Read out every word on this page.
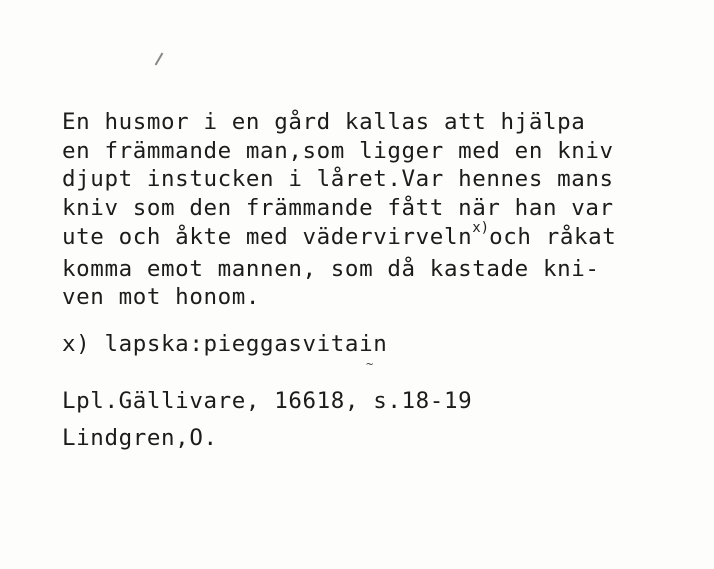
En husmor i en gård kallas att hjälpa
en främmande man,som ligger med en kniv
djupt instucken i låret.Var hennes mans
kniv som den främmande fått när han var
ute och åkte med vädervirveln$^{x)}$och råkat
komma emot mannen, som då kastade kni-
ven mot honom.
x) lapska:pieggasvitain
~
Lpl.Gällivare, 16618, s.18-19
Lindgren,O.
